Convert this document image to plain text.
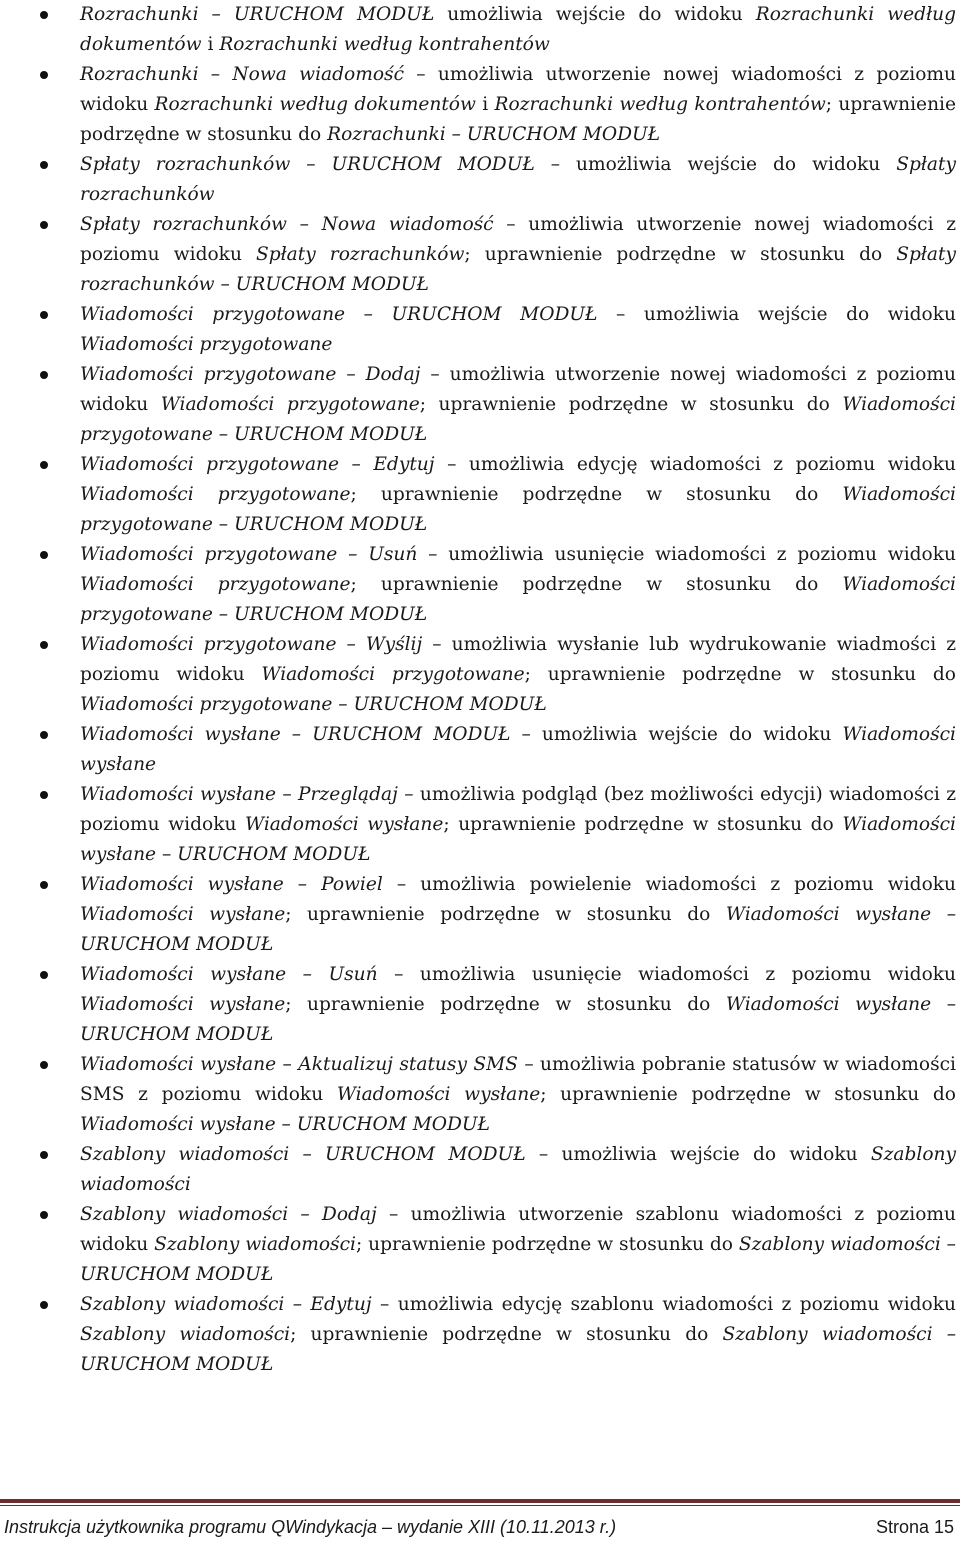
Rozrachunki – URUCHOM MODUŁ umożliwia wejście do widoku Rozrachunki według dokumentów i Rozrachunki według kontrahentów
Rozrachunki – Nowa wiadomość – umożliwia utworzenie nowej wiadomości z poziomu widoku Rozrachunki według dokumentów i Rozrachunki według kontrahentów; uprawnienie podrzędne w stosunku do Rozrachunki – URUCHOM MODUŁ
Spłaty rozrachunków – URUCHOM MODUŁ – umożliwia wejście do widoku Spłaty rozrachunków
Spłaty rozrachunków – Nowa wiadomość – umożliwia utworzenie nowej wiadomości z poziomu widoku Spłaty rozrachunków; uprawnienie podrzędne w stosunku do Spłaty rozrachunków – URUCHOM MODUŁ
Wiadomości przygotowane – URUCHOM MODUŁ – umożliwia wejście do widoku Wiadomości przygotowane
Wiadomości przygotowane – Dodaj – umożliwia utworzenie nowej wiadomości z poziomu widoku Wiadomości przygotowane; uprawnienie podrzędne w stosunku do Wiadomości przygotowane – URUCHOM MODUŁ
Wiadomości przygotowane – Edytuj – umożliwia edycję wiadomości z poziomu widoku Wiadomości przygotowane; uprawnienie podrzędne w stosunku do Wiadomości przygotowane – URUCHOM MODUŁ
Wiadomości przygotowane – Usuń – umożliwia usunięcie wiadomości z poziomu widoku Wiadomości przygotowane; uprawnienie podrzędne w stosunku do Wiadomości przygotowane – URUCHOM MODUŁ
Wiadomości przygotowane – Wyślij – umożliwia wysłanie lub wydrukowanie wiadmości z poziomu widoku Wiadomości przygotowane; uprawnienie podrzędne w stosunku do Wiadomości przygotowane – URUCHOM MODUŁ
Wiadomości wysłane – URUCHOM MODUŁ – umożliwia wejście do widoku Wiadomości wysłane
Wiadomości wysłane – Przeglądaj – umożliwia podgląd (bez możliwości edycji) wiadomości z poziomu widoku Wiadomości wysłane; uprawnienie podrzędne w stosunku do Wiadomości wysłane – URUCHOM MODUŁ
Wiadomości wysłane – Powiel – umożliwia powielenie wiadomości z poziomu widoku Wiadomości wysłane; uprawnienie podrzędne w stosunku do Wiadomości wysłane – URUCHOM MODUŁ
Wiadomości wysłane – Usuń – umożliwia usunięcie wiadomości z poziomu widoku Wiadomości wysłane; uprawnienie podrzędne w stosunku do Wiadomości wysłane – URUCHOM MODUŁ
Wiadomości wysłane – Aktualizuj statusy SMS – umożliwia pobranie statusów w wiadomości SMS z poziomu widoku Wiadomości wysłane; uprawnienie podrzędne w stosunku do Wiadomości wysłane – URUCHOM MODUŁ
Szablony wiadomości – URUCHOM MODUŁ – umożliwia wejście do widoku Szablony wiadomości
Szablony wiadomości – Dodaj – umożliwia utworzenie szablonu wiadomości z poziomu widoku Szablony wiadomości; uprawnienie podrzędne w stosunku do Szablony wiadomości – URUCHOM MODUŁ
Szablony wiadomości – Edytuj – umożliwia edycję szablonu wiadomości z poziomu widoku Szablony wiadomości; uprawnienie podrzędne w stosunku do Szablony wiadomości – URUCHOM MODUŁ
Instrukcja użytkownika programu QWindykacja – wydanie XIII (10.11.2013 r.)	Strona 15
